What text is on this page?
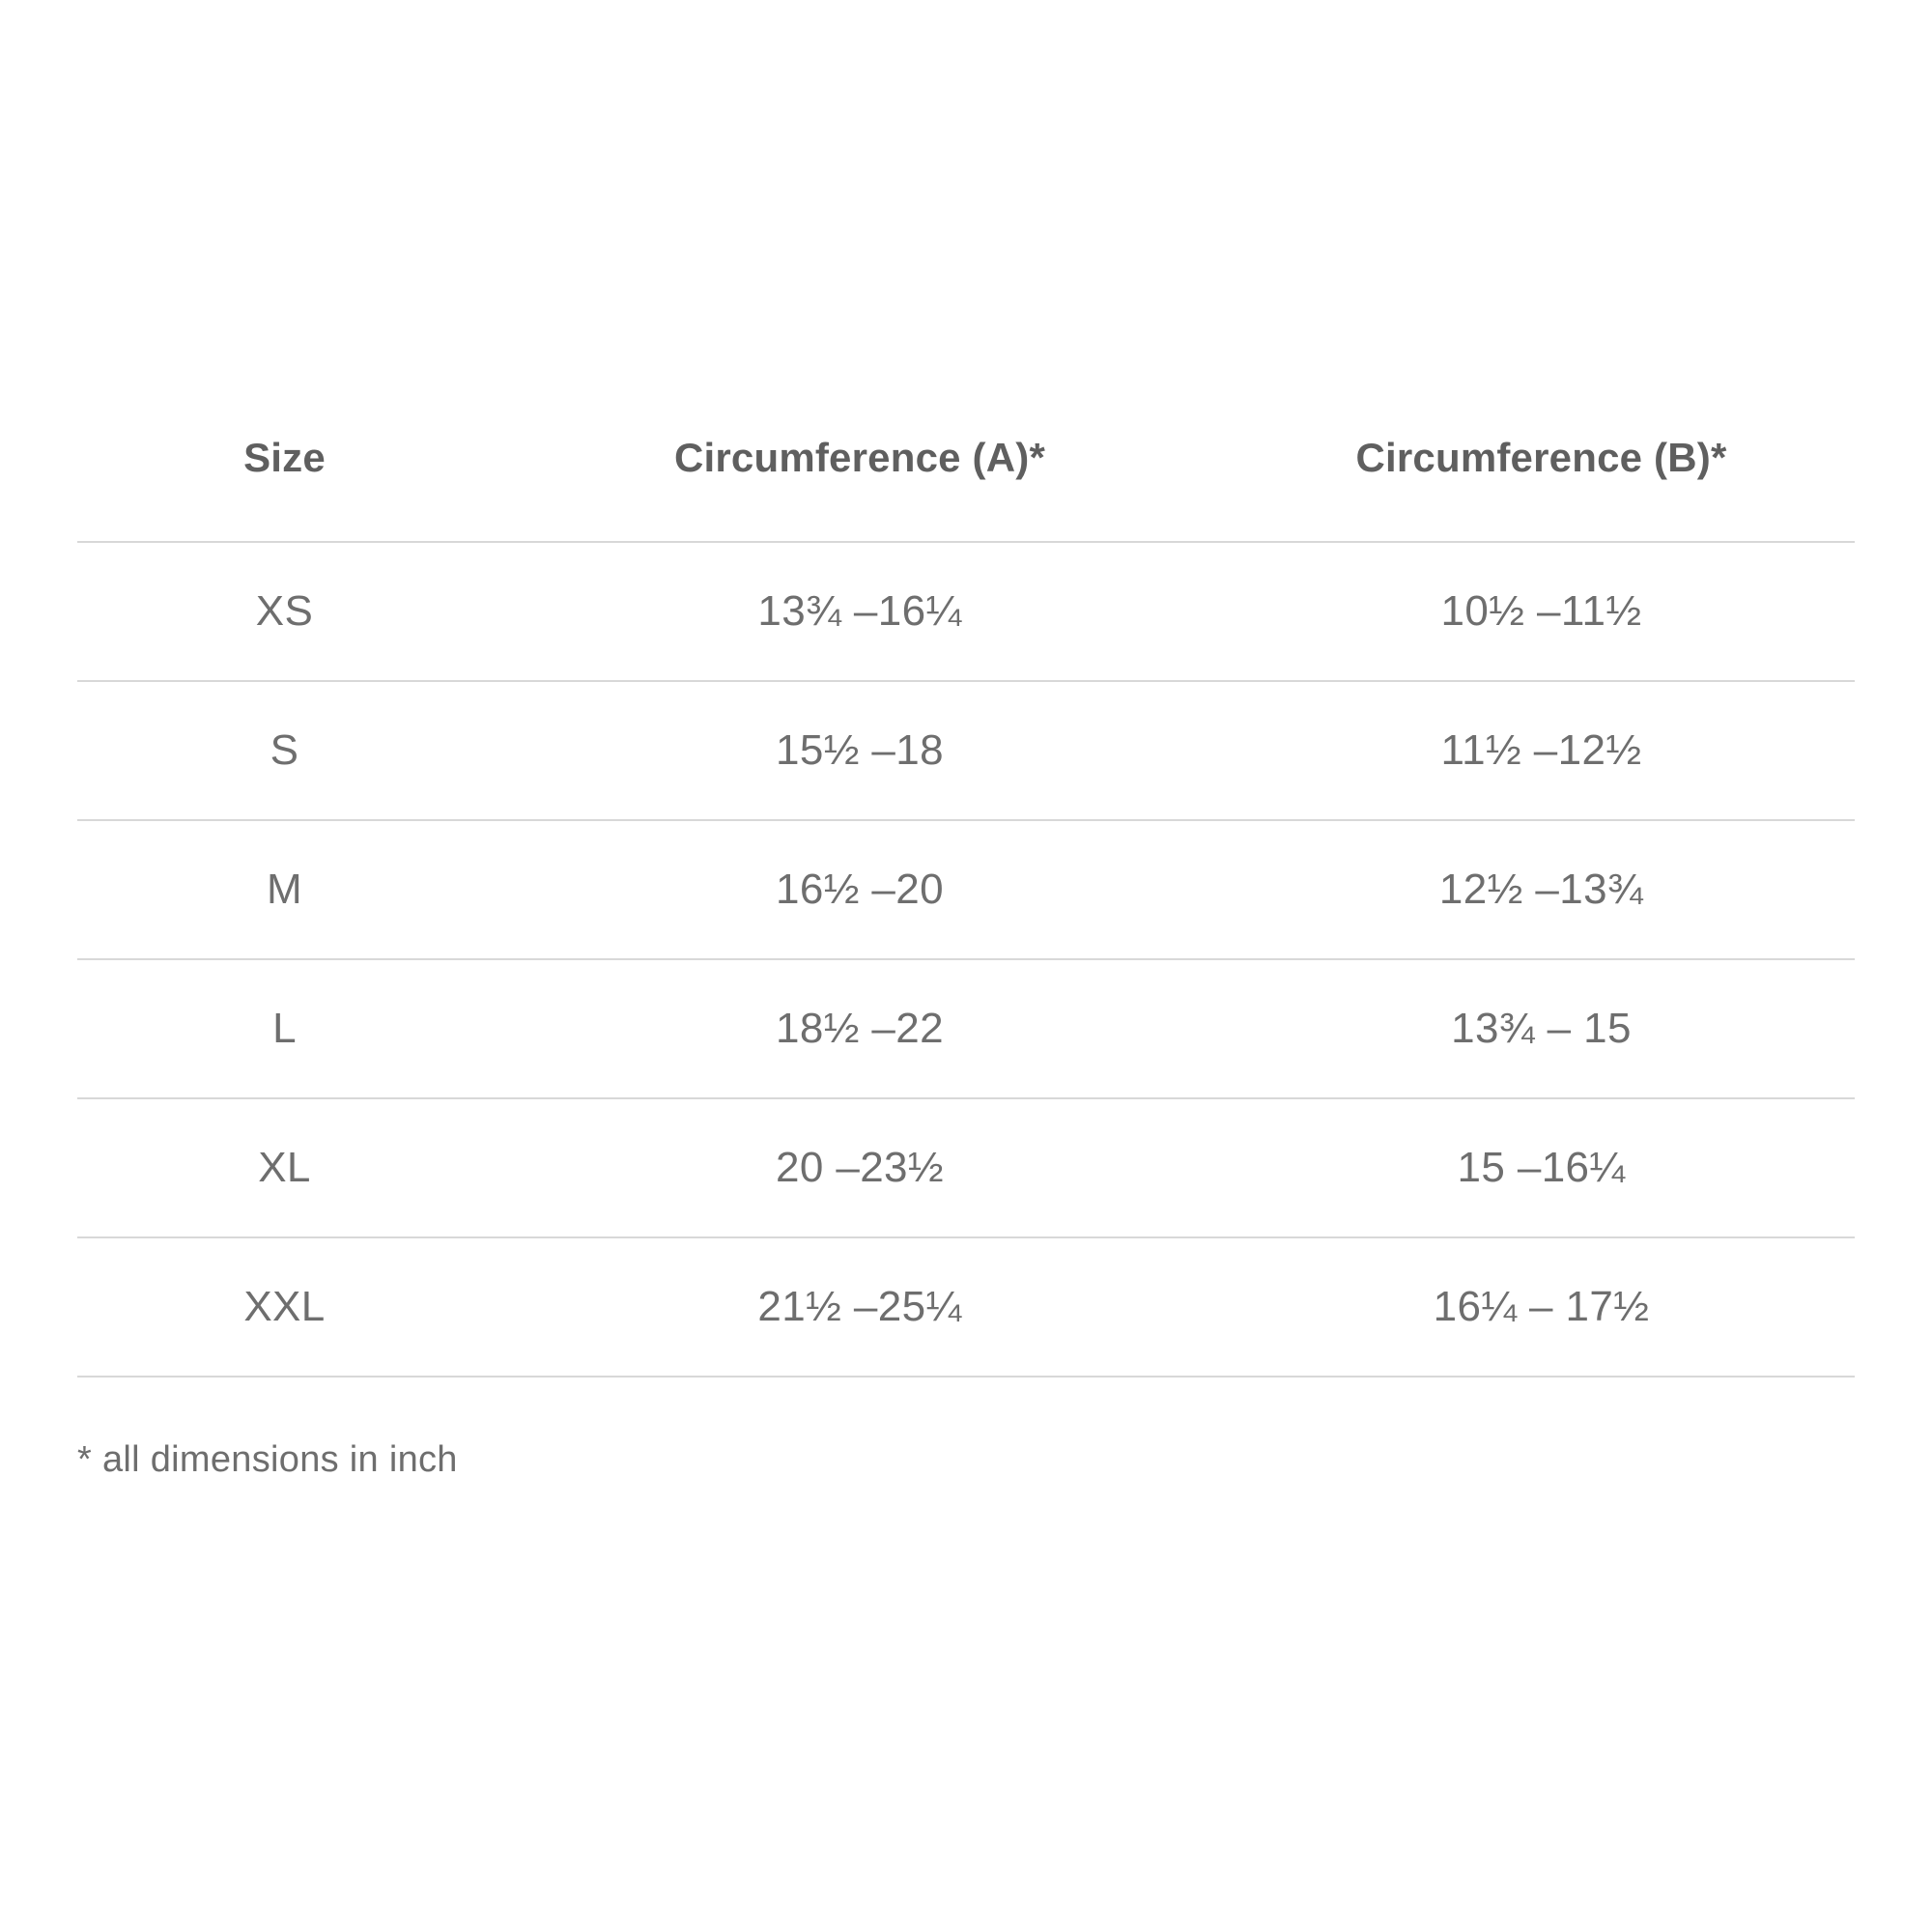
Size	Circumference (A)*	Circumference (B)*
XS	13¾ –16¼	10½ –11½
S	15½ –18	11½ –12½
M	16½ –20	12½ –13¾
L	18½ –22	13¾ – 15
XL	20 –23½	15 –16¼
XXL	21½ –25¼	16¼ – 17½
* all dimensions in inch
